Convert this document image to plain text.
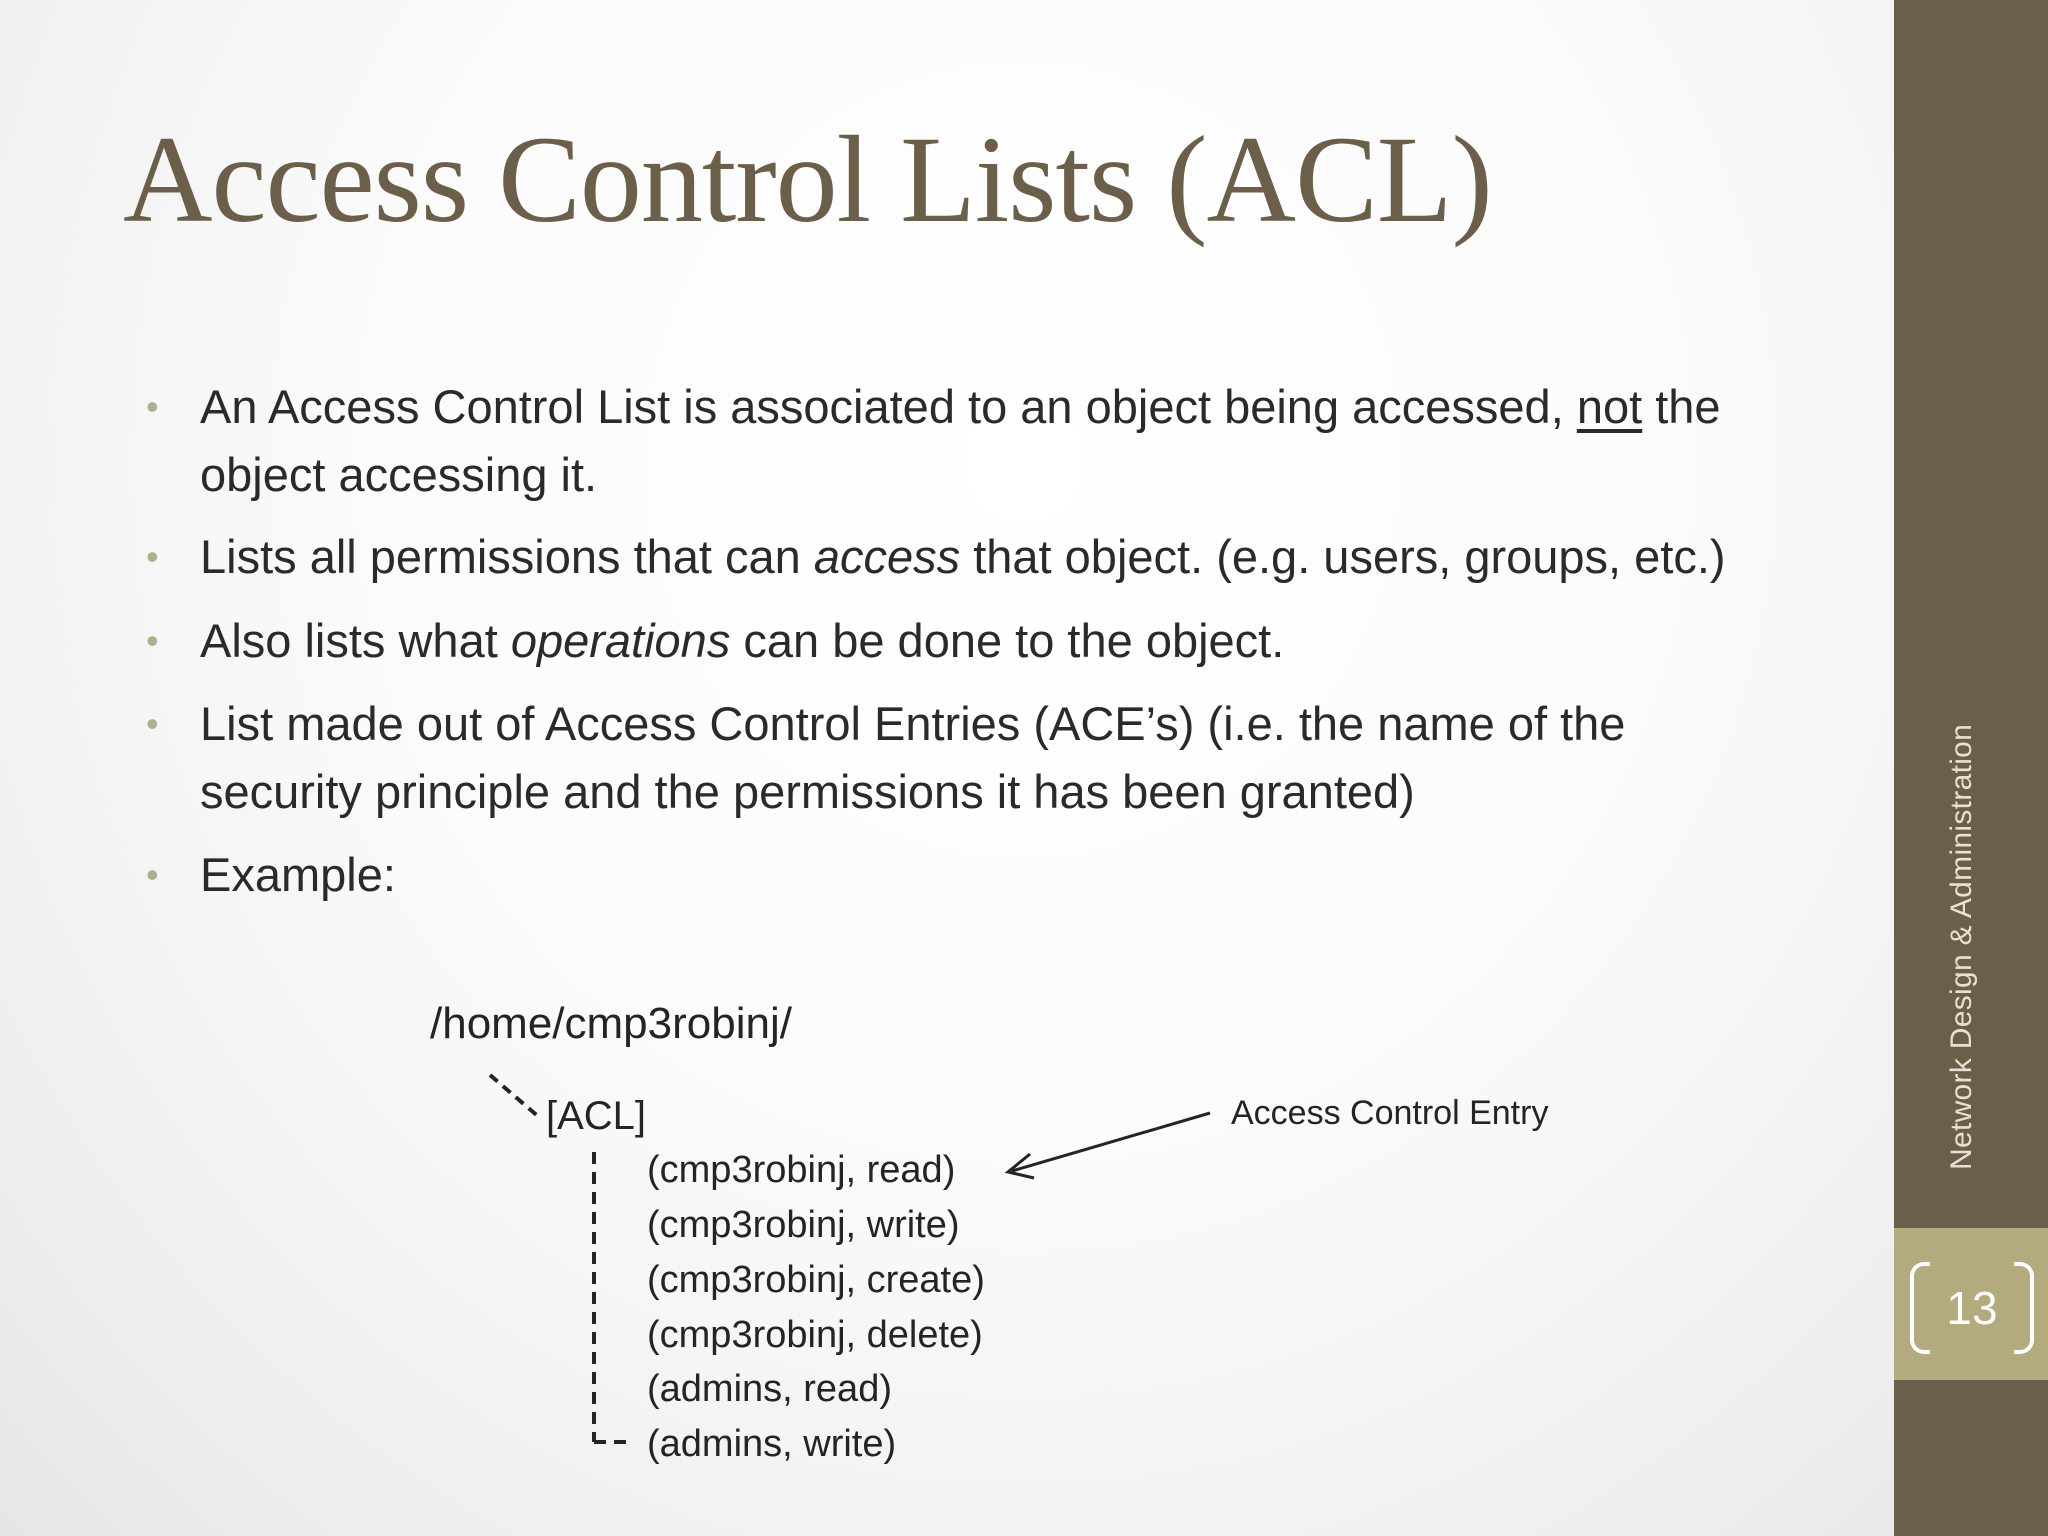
Access Control Lists (ACL)
• An Access Control List is associated to an object being accessed, not the object accessing it.
• Lists all permissions that can access that object. (e.g. users, groups, etc.)
• Also lists what operations can be done to the object.
• List made out of Access Control Entries (ACE’s) (i.e. the name of the security principle and the permissions it has been granted)
• Example:
/home/cmp3robinj/
[ACL]
(cmp3robinj, read)
(cmp3robinj, write)
(cmp3robinj, create)
(cmp3robinj, delete)
(admins, read)
(admins, write)
Access Control Entry	Network Design & Administration
13
